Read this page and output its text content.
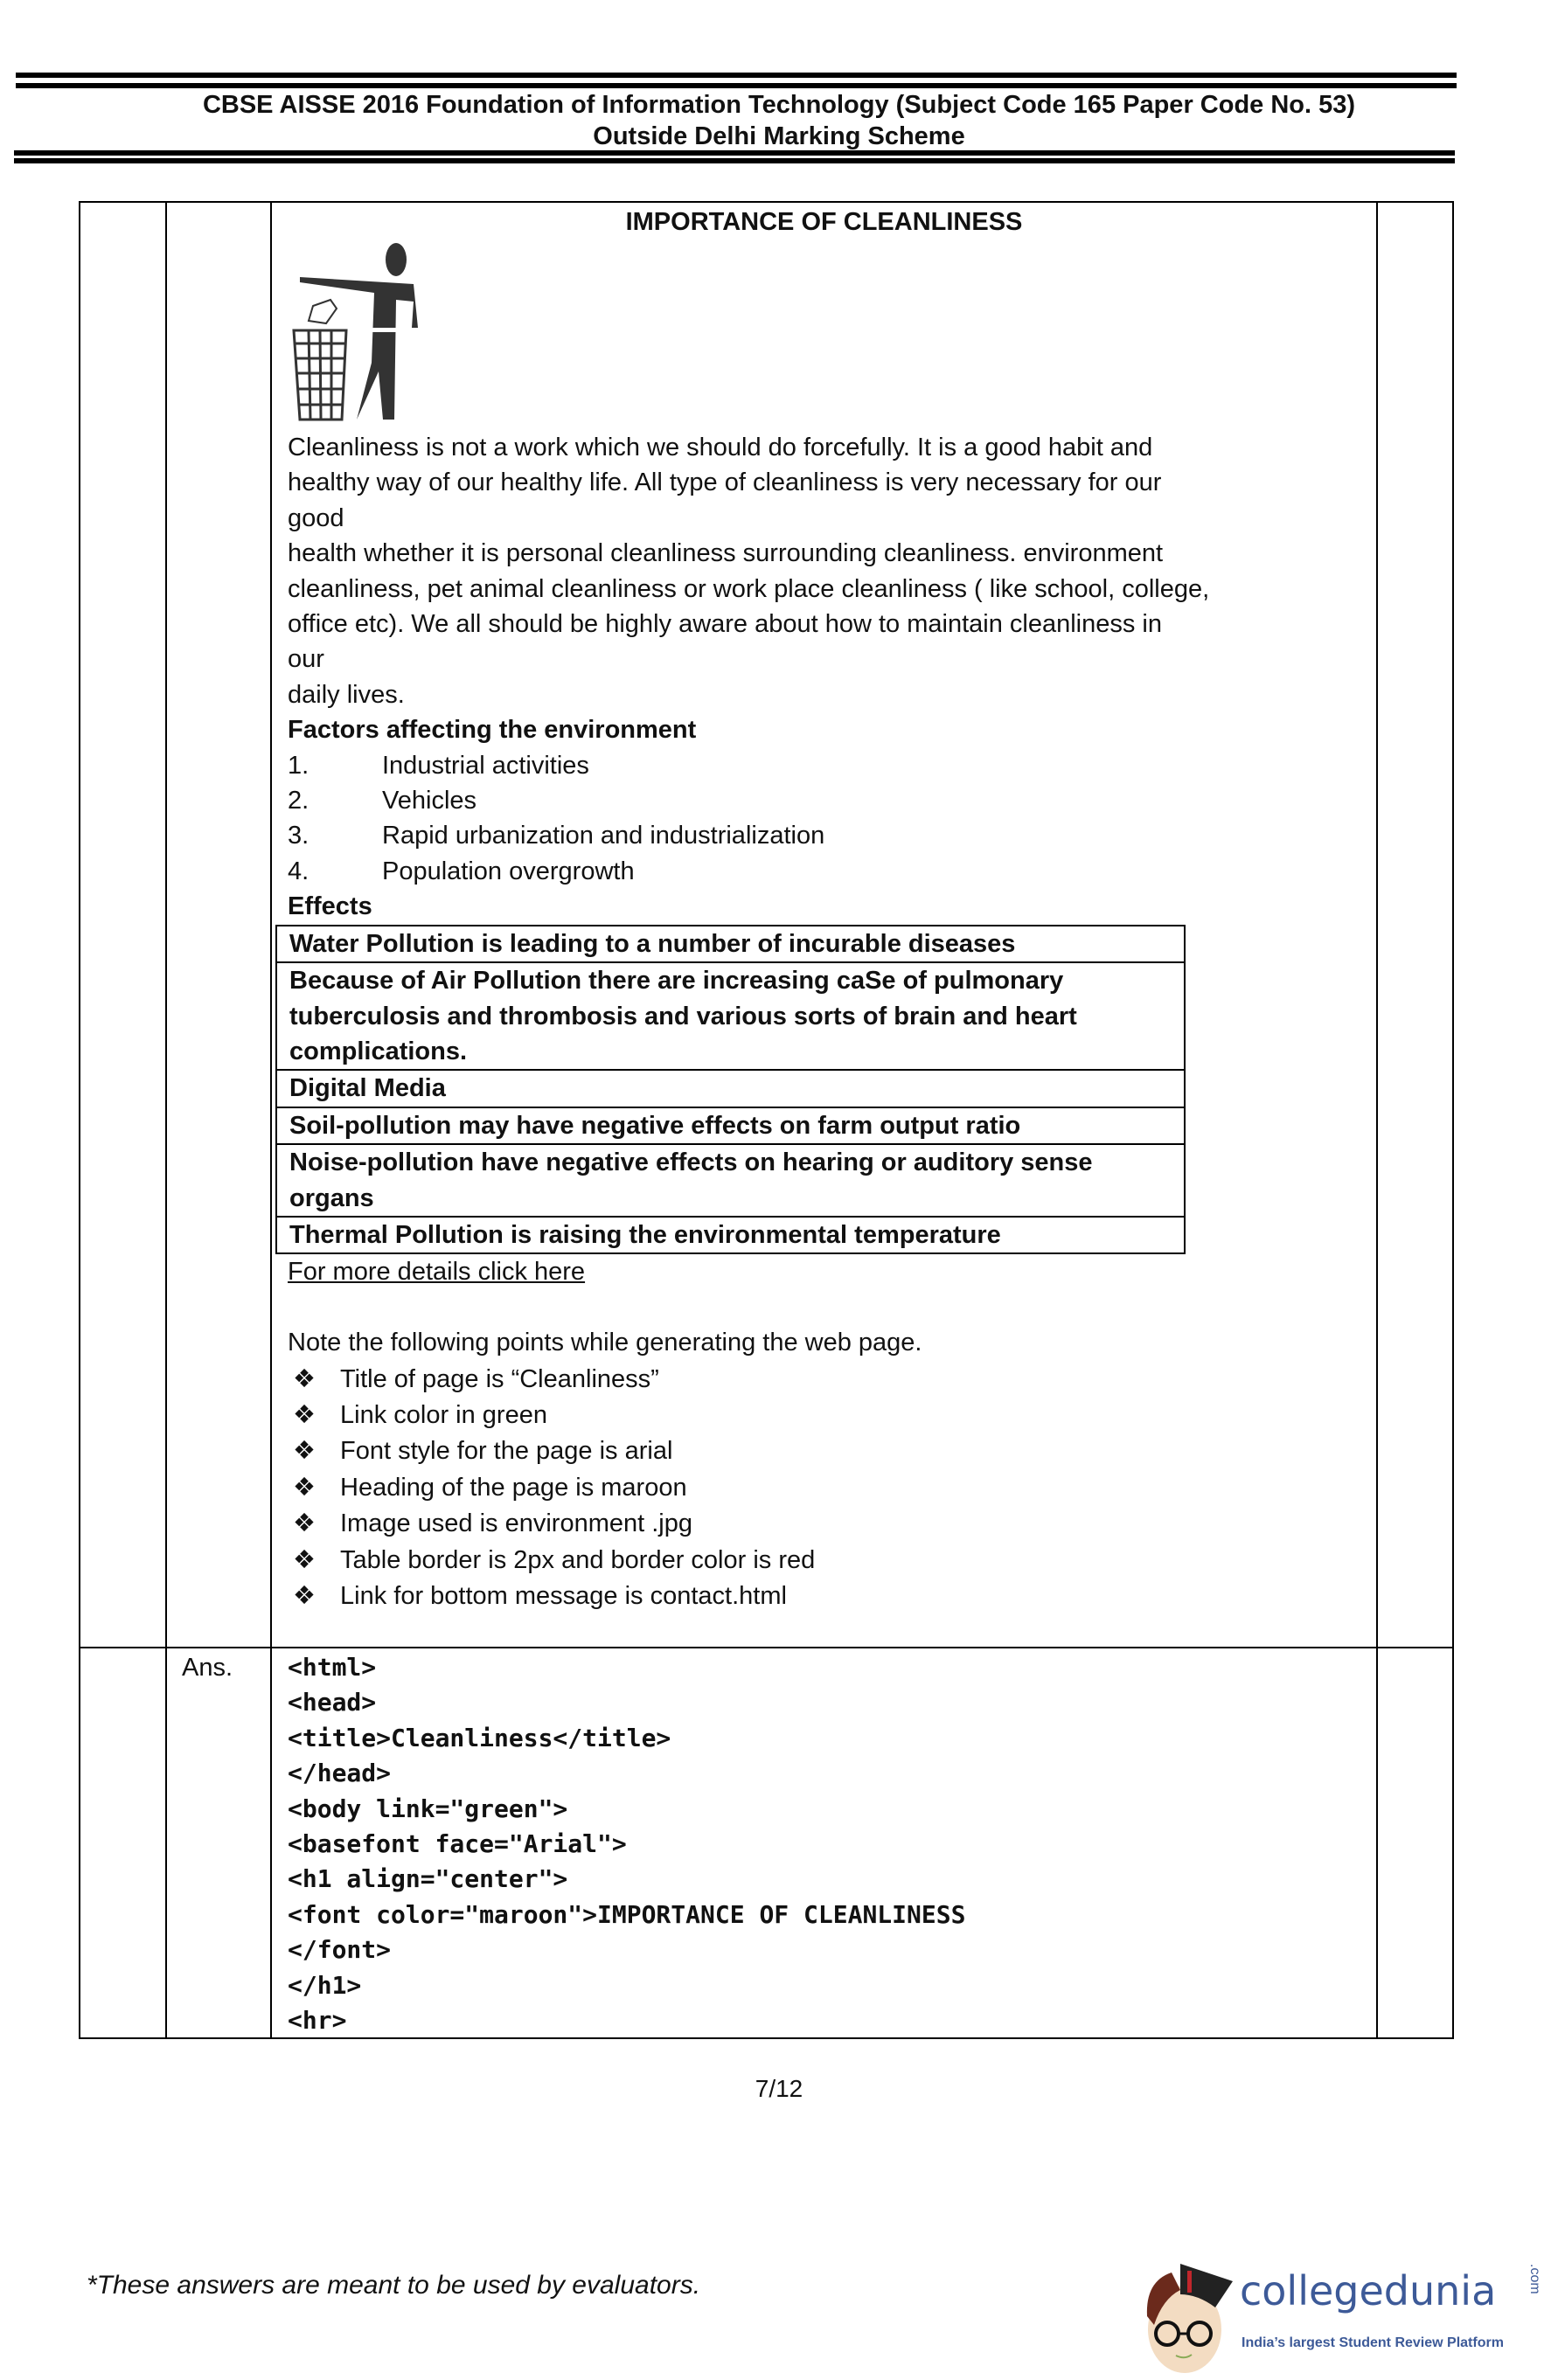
CBSE AISSE 2016 Foundation of Information Technology (Subject Code 165 Paper Code No. 53)
Outside Delhi Marking Scheme
IMPORTANCE OF CLEANLINESS
Cleanliness is not a work which we should do forcefully. It is a good habit and
healthy way of our healthy life. All type of cleanliness is very necessary for our
good
health whether it is personal cleanliness surrounding cleanliness. environment
cleanliness, pet animal cleanliness or work place cleanliness ( like school, college,
office etc). We all should be highly aware about how to maintain cleanliness in
our
daily lives.
Factors affecting the environment
1.	Industrial activities
2.	Vehicles
3.	Rapid urbanization and industrialization
4.	Population overgrowth
Effects
Water Pollution is leading to a number of incurable diseases
Because of Air Pollution there are increasing caSe of pulmonary tuberculosis and thrombosis and various sorts of brain and heart complications.
Digital Media
Soil-pollution may have negative effects on farm output ratio
Noise-pollution have negative effects on hearing or auditory sense organs
Thermal Pollution is raising the environmental temperature
For more details click here

Note the following points while generating the web page.
❖ Title of page is “Cleanliness”
❖ Link color in green
❖ Font style for the page is arial
❖ Heading of the page is maroon
❖ Image used is environment .jpg
❖ Table border is 2px and border color is red
❖ Link for bottom message is contact.html
Ans. <html>
<head>
<title>Cleanliness</title>
</head>
<body link="green">
<basefont face="Arial">
<h1 align="center">
<font color="maroon">IMPORTANCE OF CLEANLINESS
</font>
</h1>
<hr>
7/12
*These answers are meant to be used by evaluators.	collegedunia .com
India’s largest Student Review Platform
